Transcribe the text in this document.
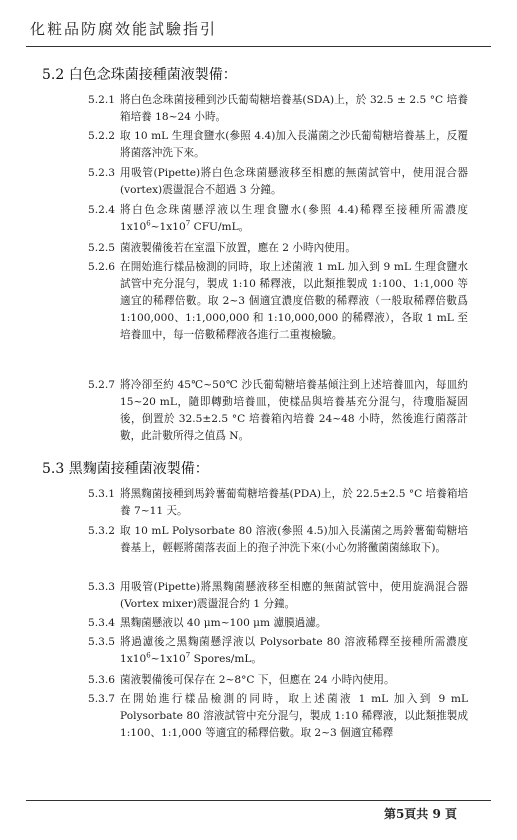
化粧品防腐效能試驗指引
5.2 白色念珠菌接種菌液製備：
5.2.1 將白色念珠菌接種到沙氏葡萄糖培養基(SDA)上，於 32.5 ± 2.5 °C 培養箱培養 18~24 小時。
5.2.2 取 10 mL 生理食鹽水(參照 4.4)加入長滿菌之沙氏葡萄糖培養基上，反覆將菌落沖洗下來。
5.2.3 用吸管(Pipette)將白色念珠菌懸液移至相應的無菌試管中，使用混合器(vortex)震盪混合不超過 3 分鐘。
5.2.4 將白色念珠菌懸浮液以生理食鹽水(參照 4.4)稀釋至接種所需濃度 $1x10^6\sim 1x10^7$ CFU/mL。
5.2.5 菌液製備後若在室溫下放置，應在 2 小時內使用。
5.2.6 在開始進行樣品檢測的同時，取上述菌液 1 mL 加入到 9 mL 生理食鹽水試管中充分混勻，製成 1:10 稀釋液，以此類推製成 1:100、1:1,000 等適宜的稀釋倍數。取 2~3 個適宜濃度倍數的稀釋液（一般取稀釋倍數爲 1:100,000、1:1,000,000 和 1:10,000,000 的稀釋液），各取 1 mL 至培養皿中，每一倍數稀釋液各進行二重複檢驗。
5.2.7 將冷卻至約 45℃~50℃ 沙氏葡萄糖培養基傾注到上述培養皿內，每皿約 15~20 mL，隨即轉動培養皿，使樣品與培養基充分混勻，待瓊脂凝固後，倒置於 32.5±2.5 °C 培養箱內培養 24~48 小時，然後進行菌落計數，此計數所得之值爲 N。
5.3 黑麴菌接種菌液製備：
5.3.1 將黑麴菌接種到馬鈴薯葡萄糖培養基(PDA)上，於 22.5±2.5 °C 培養箱培養 7~11 天。
5.3.2 取 10 mL Polysorbate 80 溶液(參照 4.5)加入長滿菌之馬鈴薯葡萄糖培養基上，輕輕將菌落表面上的孢子沖洗下來(小心勿將黴菌菌絲取下)。
5.3.3 用吸管(Pipette)將黑麴菌懸液移至相應的無菌試管中，使用旋渦混合器(Vortex mixer)震盪混合約 1 分鐘。
5.3.4 黑麴菌懸液以 40 μm~100 μm 濾膜過濾。
5.3.5 將過濾後之黑麴菌懸浮液以 Polysorbate 80 溶液稀釋至接種所需濃度 $1x10^6\sim 1x10^7$ Spores/mL。
5.3.6 菌液製備後可保存在 2~8°C 下，但應在 24 小時內使用。
5.3.7 在開始進行樣品檢測的同時，取上述菌液 1 mL 加入到 9 mL Polysorbate 80 溶液試管中充分混勻，製成 1:10 稀釋液，以此類推製成 1:100、1:1,000 等適宜的稀釋倍數。取 2~3 個適宜稀釋
第5頁共 9 頁
